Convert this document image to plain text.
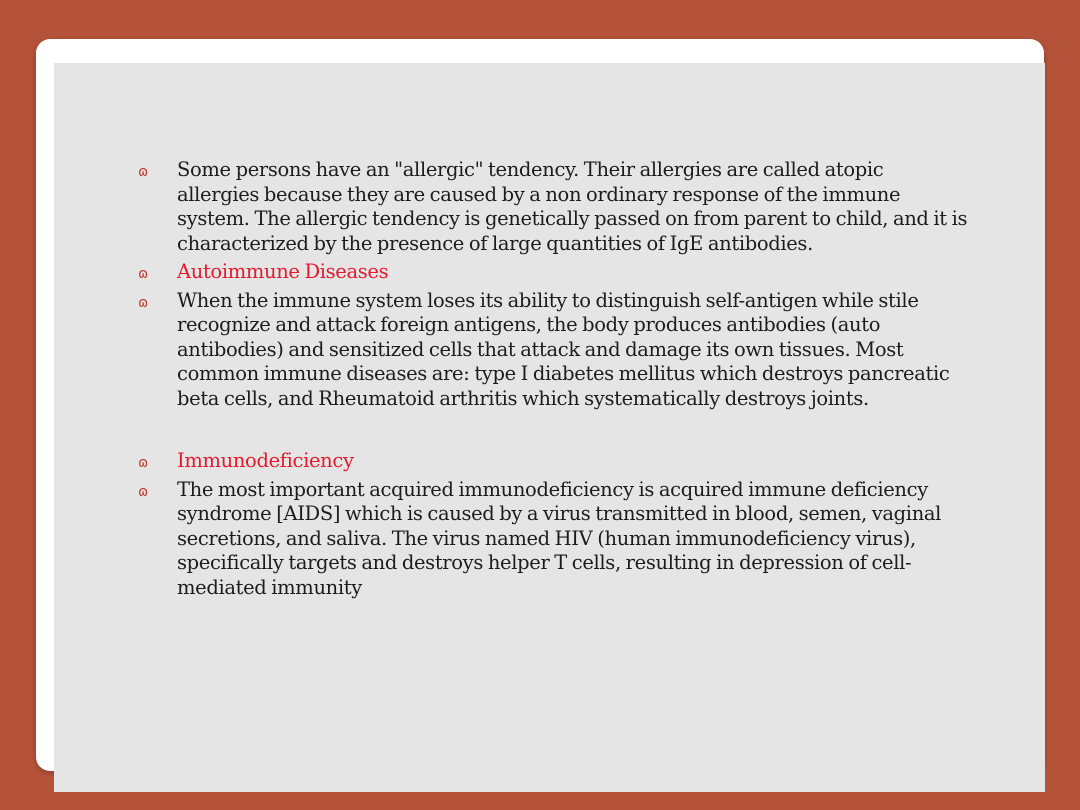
ɷ Some persons have an "allergic" tendency. Their allergies are called atopic allergies because they are caused by a non ordinary response of the immune system. The allergic tendency is genetically passed on from parent to child, and it is characterized by the presence of large quantities of IgE antibodies.
ɷ Autoimmune Diseases
ɷ When the immune system loses its ability to distinguish self-antigen while stile recognize and attack foreign antigens, the body produces antibodies (auto antibodies) and sensitized cells that attack and damage its own tissues. Most common immune diseases are: type I diabetes mellitus which destroys pancreatic beta cells, and Rheumatoid arthritis which systematically destroys joints.
ɷ Immunodeficiency
ɷ The most important acquired immunodeficiency is acquired immune deficiency syndrome [AIDS] which is caused by a virus transmitted in blood, semen, vaginal secretions, and saliva. The virus named HIV (human immunodeficiency virus), specifically targets and destroys helper T cells, resulting in depression of cell-mediated immunity
